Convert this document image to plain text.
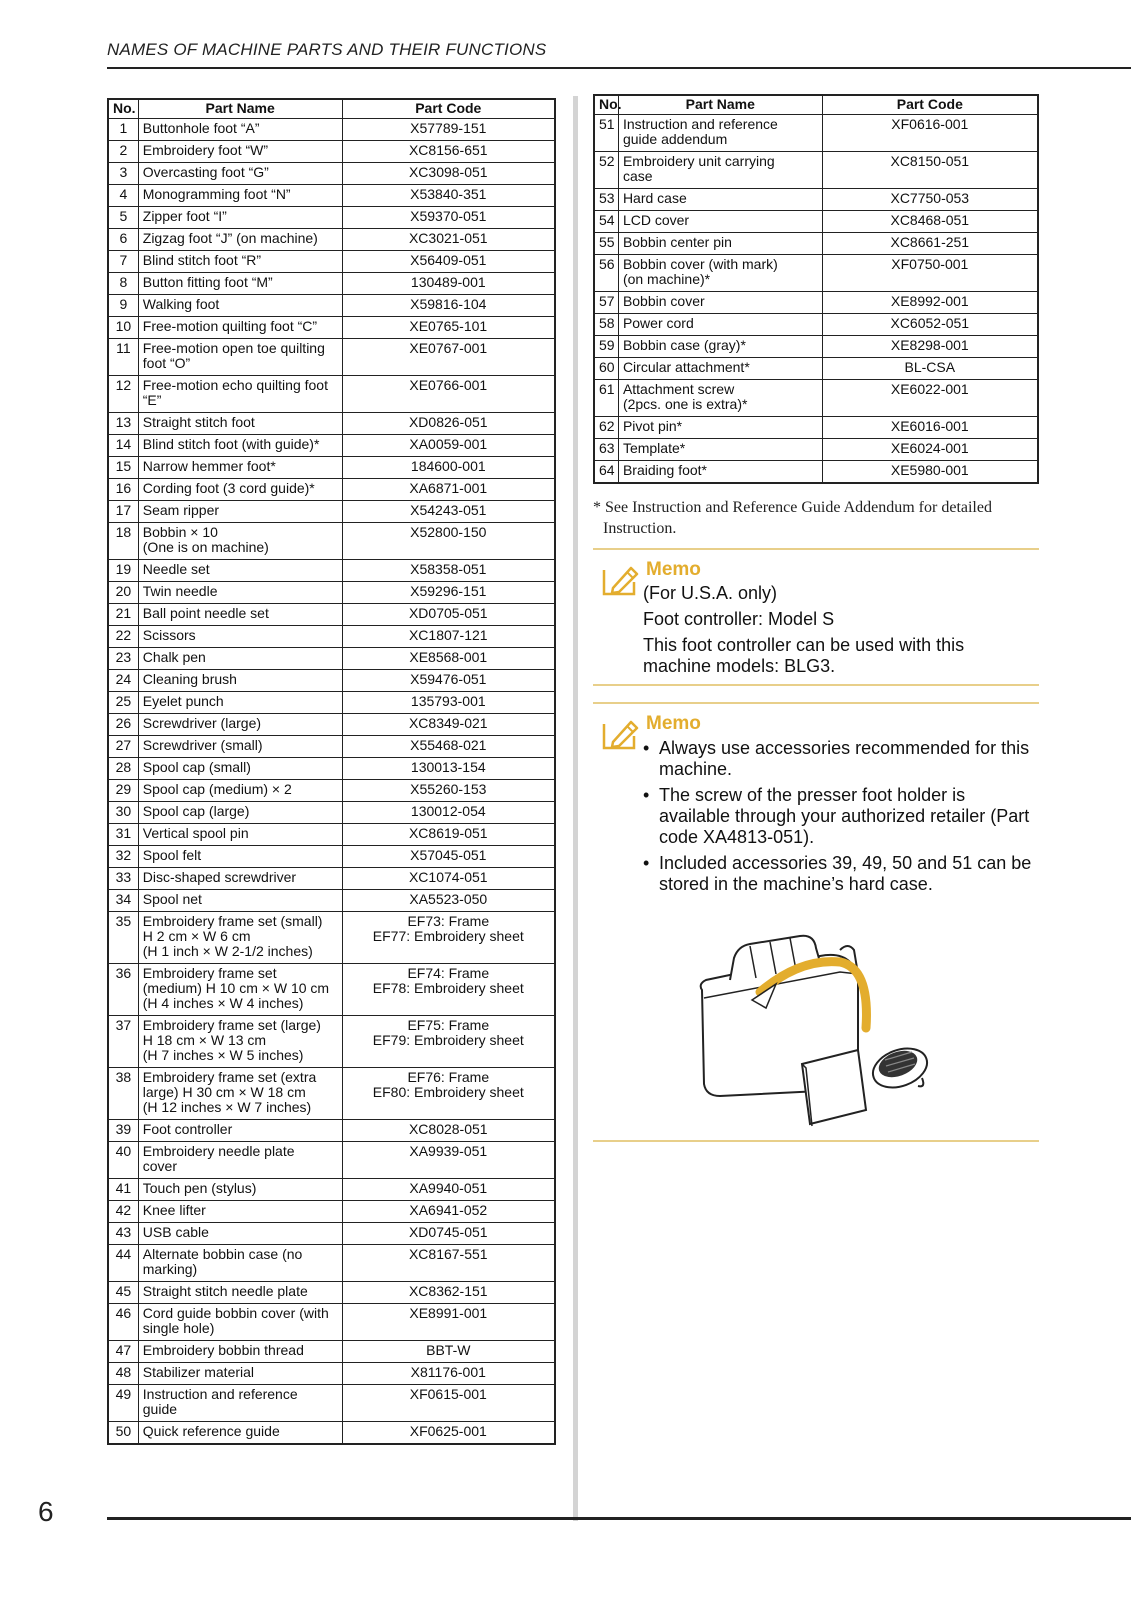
NAMES OF MACHINE PARTS AND THEIR FUNCTIONS
No.	Part Name	Part Code
1	Buttonhole foot “A”	X57789-151
2	Embroidery foot “W”	XC8156-651
3	Overcasting foot “G”	XC3098-051
4	Monogramming foot “N”	X53840-351
5	Zipper foot “I”	X59370-051
6	Zigzag foot “J” (on machine)	XC3021-051
7	Blind stitch foot “R”	X56409-051
8	Button fitting foot “M”	130489-001
9	Walking foot	X59816-104
10	Free-motion quilting foot “C”	XE0765-101
11	Free-motion open toe quilting
foot “O”	XE0767-001
12	Free-motion echo quilting foot
“E”	XE0766-001
13	Straight stitch foot	XD0826-051
14	Blind stitch foot (with guide)*	XA0059-001
15	Narrow hemmer foot*	184600-001
16	Cording foot (3 cord guide)*	XA6871-001
17	Seam ripper	X54243-051
18	Bobbin × 10
(One is on machine)	X52800-150
19	Needle set	X58358-051
20	Twin needle	X59296-151
21	Ball point needle set	XD0705-051
22	Scissors	XC1807-121
23	Chalk pen	XE8568-001
24	Cleaning brush	X59476-051
25	Eyelet punch	135793-001
26	Screwdriver (large)	XC8349-021
27	Screwdriver (small)	X55468-021
28	Spool cap (small)	130013-154
29	Spool cap (medium) × 2	X55260-153
30	Spool cap (large)	130012-054
31	Vertical spool pin	XC8619-051
32	Spool felt	X57045-051
33	Disc-shaped screwdriver	XC1074-051
34	Spool net	XA5523-050
35	Embroidery frame set (small)
H 2 cm × W 6 cm
(H 1 inch × W 2-1/2 inches)	EF73: Frame
EF77: Embroidery sheet
36	Embroidery frame set
(medium) H 10 cm × W 10 cm
(H 4 inches × W 4 inches)	EF74: Frame
EF78: Embroidery sheet
37	Embroidery frame set (large)
H 18 cm × W 13 cm
(H 7 inches × W 5 inches)	EF75: Frame
EF79: Embroidery sheet
38	Embroidery frame set (extra
large) H 30 cm × W 18 cm
(H 12 inches × W 7 inches)	EF76: Frame
EF80: Embroidery sheet
39	Foot controller	XC8028-051
40	Embroidery needle plate
cover	XA9939-051
41	Touch pen (stylus)	XA9940-051
42	Knee lifter	XA6941-052
43	USB cable	XD0745-051
44	Alternate bobbin case (no
marking)	XC8167-551
45	Straight stitch needle plate	XC8362-151
46	Cord guide bobbin cover (with
single hole)	XE8991-001
47	Embroidery bobbin thread	BBT-W
48	Stabilizer material	X81176-001
49	Instruction and reference
guide	XF0615-001
50	Quick reference guide	XF0625-001
No.	Part Name	Part Code
51	Instruction and reference
guide addendum	XF0616-001
52	Embroidery unit carrying
case	XC8150-051
53	Hard case	XC7750-053
54	LCD cover	XC8468-051
55	Bobbin center pin	XC8661-251
56	Bobbin cover (with mark)
(on machine)*	XF0750-001
57	Bobbin cover	XE8992-001
58	Power cord	XC6052-051
59	Bobbin case (gray)*	XE8298-001
60	Circular attachment*	BL-CSA
61	Attachment screw
(2pcs. one is extra)*	XE6022-001
62	Pivot pin*	XE6016-001
63	Template*	XE6024-001
64	Braiding foot*	XE5980-001
* See Instruction and Reference Guide Addendum for detailed Instruction.
Memo

(For U.S.A. only)

Foot controller: Model S

This foot controller can be used with this machine models: BLG3.

Memo
• Always use accessories recommended for this machine.
• The screw of the presser foot holder is available through your authorized retailer (Part code XA4813-051).
• Included accessories 39, 49, 50 and 51 can be stored in the machine’s hard case.
6
